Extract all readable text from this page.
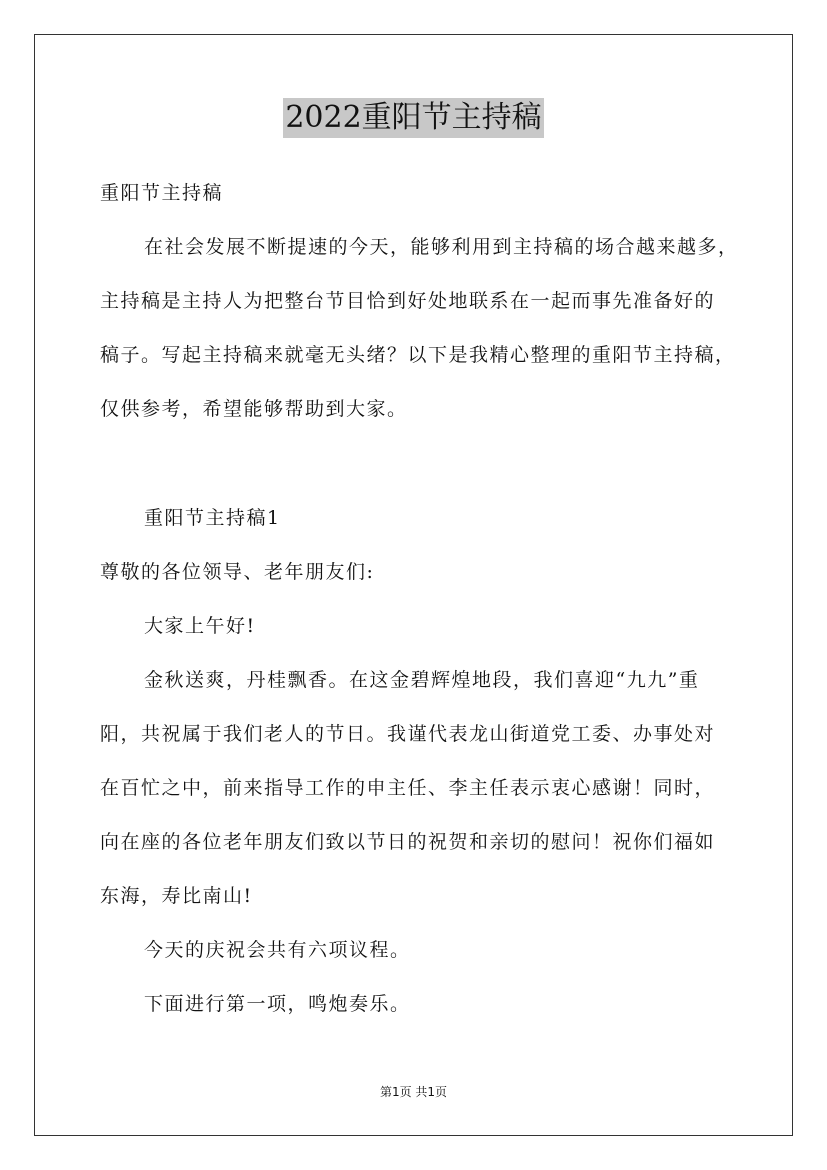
2022重阳节主持稿
重阳节主持稿
在社会发展不断提速的今天，能够利用到主持稿的场合越来越多，
主持稿是主持人为把整台节目恰到好处地联系在一起而事先准备好的
稿子。写起主持稿来就毫无头绪？以下是我精心整理的重阳节主持稿，
仅供参考，希望能够帮助到大家。
重阳节主持稿1
尊敬的各位领导、老年朋友们:
大家上午好!
金秋送爽，丹桂飘香。在这金碧辉煌地段，我们喜迎“九九”重
阳，共祝属于我们老人的节日。我谨代表龙山街道党工委、办事处对
在百忙之中，前来指导工作的申主任、李主任表示衷心感谢！同时，
向在座的各位老年朋友们致以节日的祝贺和亲切的慰问！祝你们福如
东海，寿比南山!
今天的庆祝会共有六项议程。
下面进行第一项，鸣炮奏乐。
第1页 共1页
